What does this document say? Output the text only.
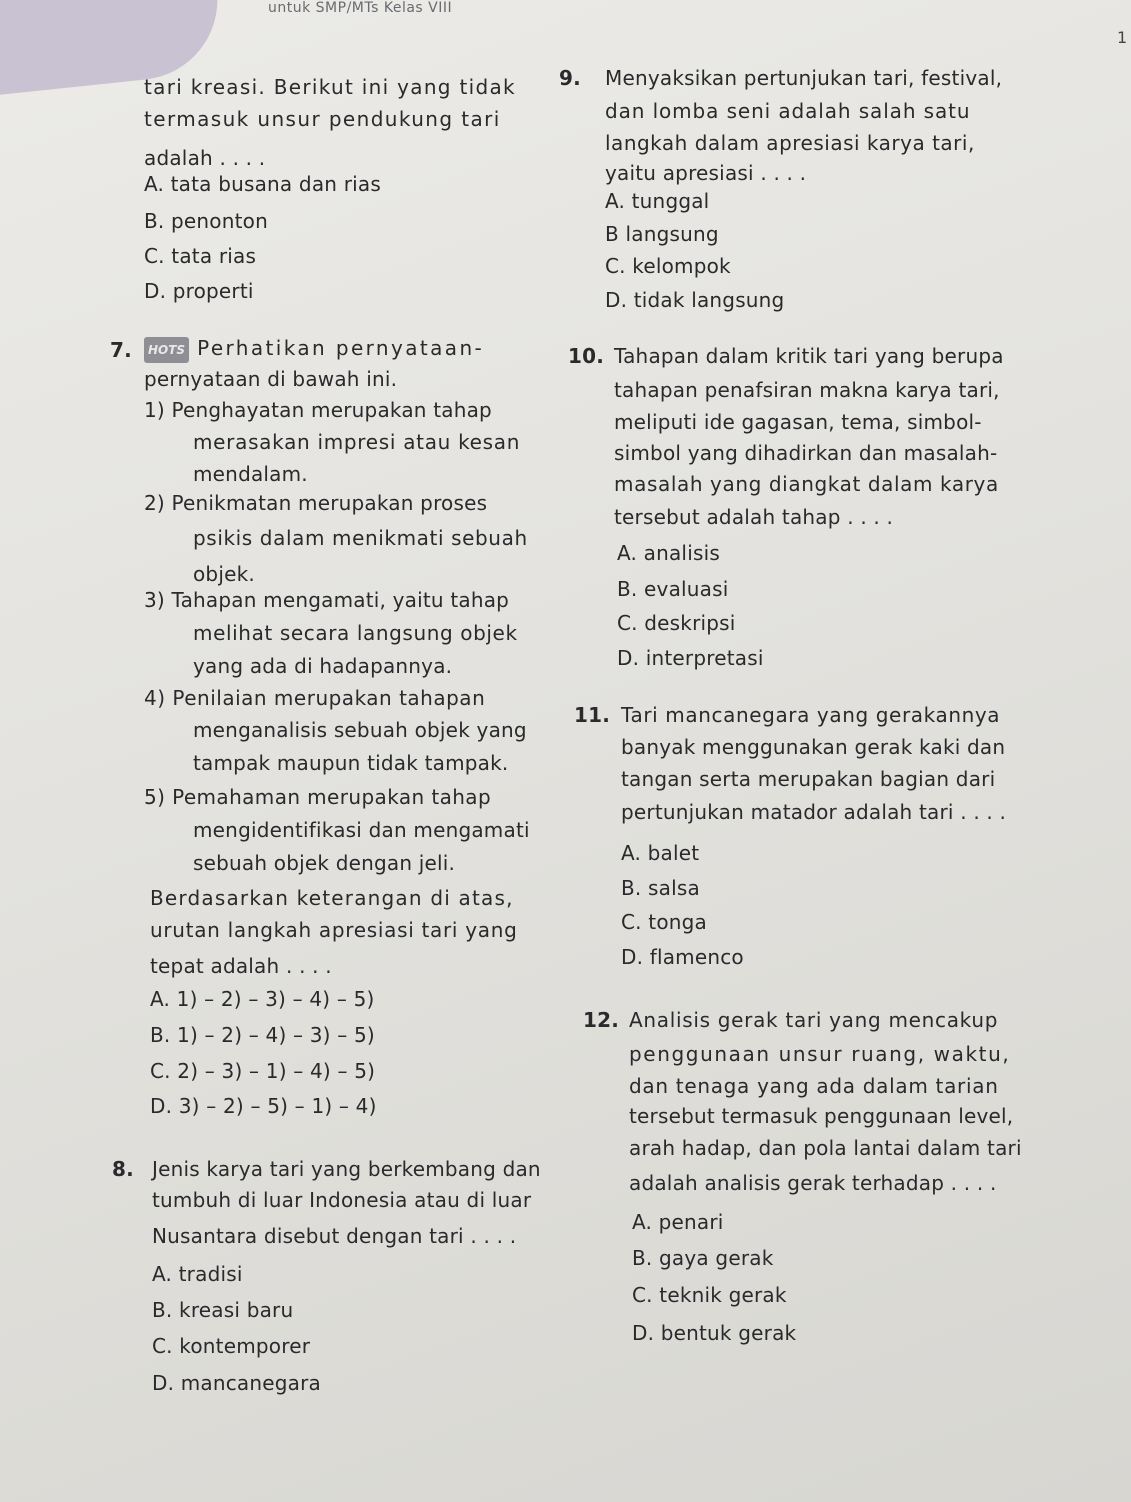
untuk SMP/MTs Kelas VIII
1
tari kreasi. Berikut ini yang tidak
termasuk unsur pendukung tari
adalah . . . .
A. tata busana dan rias
B. penonton
C. tata rias
D. properti
7.	HOTS Perhatikan pernyataan-
pernyataan di bawah ini.
1) Penghayatan merupakan tahap
merasakan impresi atau kesan
mendalam.
2) Penikmatan merupakan proses
psikis dalam menikmati sebuah
objek.
3) Tahapan mengamati, yaitu tahap
melihat secara langsung objek
yang ada di hadapannya.
4) Penilaian merupakan tahapan
menganalisis sebuah objek yang
tampak maupun tidak tampak.
5) Pemahaman merupakan tahap
mengidentifikasi dan mengamati
sebuah objek dengan jeli.
Berdasarkan keterangan di atas,
urutan langkah apresiasi tari yang
tepat adalah . . . .
A. 1) – 2) – 3) – 4) – 5)
B. 1) – 2) – 4) – 3) – 5)
C. 2) – 3) – 1) – 4) – 5)
D. 3) – 2) – 5) – 1) – 4)
8. Jenis karya tari yang berkembang dan
tumbuh di luar Indonesia atau di luar
Nusantara disebut dengan tari . . . .
A. tradisi
B. kreasi baru
C. kontemporer
D. mancanegara
9. Menyaksikan pertunjukan tari, festival,
dan lomba seni adalah salah satu
langkah dalam apresiasi karya tari,
yaitu apresiasi . . . .
A. tunggal
B langsung
C. kelompok
D. tidak langsung
10. Tahapan dalam kritik tari yang berupa
tahapan penafsiran makna karya tari,
meliputi ide gagasan, tema, simbol-
simbol yang dihadirkan dan masalah-
masalah yang diangkat dalam karya
tersebut adalah tahap . . . .
A. analisis
B. evaluasi
C. deskripsi
D. interpretasi
11. Tari mancanegara yang gerakannya
banyak menggunakan gerak kaki dan
tangan serta merupakan bagian dari
pertunjukan matador adalah tari . . . .
A. balet
B. salsa
C. tonga
D. flamenco
12. Analisis gerak tari yang mencakup
penggunaan unsur ruang, waktu,
dan tenaga yang ada dalam tarian
tersebut termasuk penggunaan level,
arah hadap, dan pola lantai dalam tari
adalah analisis gerak terhadap . . . .
A. penari
B. gaya gerak
C. teknik gerak
D. bentuk gerak
